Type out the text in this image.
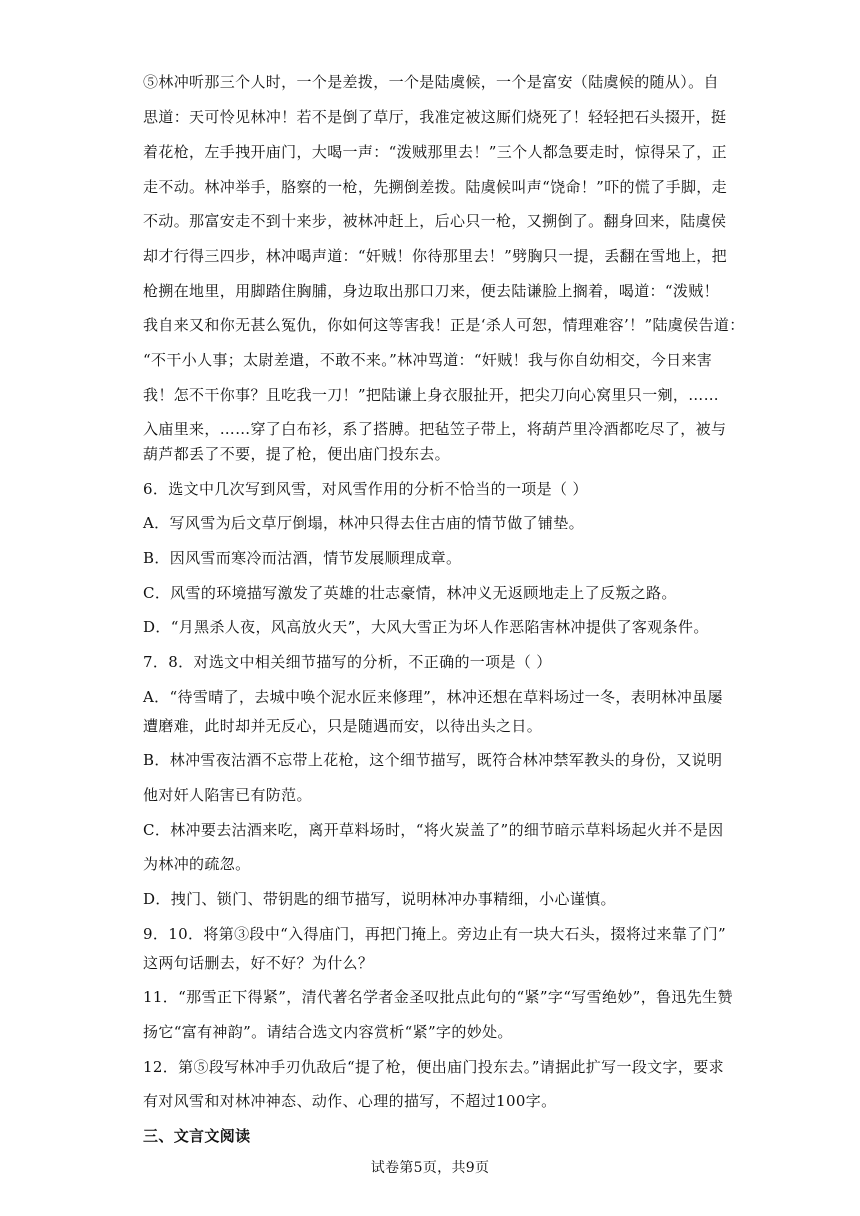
⑤林冲听那三个人时，一个是差拨，一个是陆虞候，一个是富安（陆虞候的随从）。自
思道：天可怜见林冲！若不是倒了草厅，我准定被这厮们烧死了！轻轻把石头掇开，挺
着花枪，左手拽开庙门，大喝一声：“泼贼那里去！”三个人都急要走时，惊得呆了，正
走不动。林冲举手，胳察的一枪，先搠倒差拨。陆虞候叫声“饶命！”吓的慌了手脚，走
不动。那富安走不到十来步，被林冲赶上，后心只一枪，又搠倒了。翻身回来，陆虞侯
却才行得三四步，林冲喝声道：“奸贼！你待那里去！”劈胸只一提，丢翻在雪地上，把
枪搠在地里，用脚踏住胸脯，身边取出那口刀来，便去陆谦脸上搁着，喝道：“泼贼！
我自来又和你无甚么冤仇，你如何这等害我！正是‘杀人可恕，情理难容’！”陆虞侯告道：
“不干小人事；太尉差遣，不敢不来。”林冲骂道：“奸贼！我与你自幼相交，今日来害
我！怎不干你事？且吃我一刀！”把陆谦上身衣服扯开，把尖刀向心窝里只一剜，……
入庙里来，……穿了白布衫，系了搭膊。把毡笠子带上，将葫芦里冷酒都吃尽了，被与
葫芦都丢了不要，提了枪，便出庙门投东去。
6．选文中几次写到风雪，对风雪作用的分析不恰当的一项是（ ）
A．写风雪为后文草厅倒塌，林冲只得去住古庙的情节做了铺垫。
B．因风雪而寒冷而沽酒，情节发展顺理成章。
C．风雪的环境描写激发了英雄的壮志豪情，林冲义无返顾地走上了反叛之路。
D．“月黑杀人夜，风高放火天”，大风大雪正为坏人作恶陷害林冲提供了客观条件。
7．8．对选文中相关细节描写的分析，不正确的一项是（ ）
A．“待雪晴了，去城中唤个泥水匠来修理”，林冲还想在草料场过一冬，表明林冲虽屡
遭磨难，此时却并无反心，只是随遇而安，以待出头之日。
B．林冲雪夜沽酒不忘带上花枪，这个细节描写，既符合林冲禁军教头的身份，又说明
他对奸人陷害已有防范。
C．林冲要去沽酒来吃，离开草料场时，“将火炭盖了”的细节暗示草料场起火并不是因
为林冲的疏忽。
D．拽门、锁门、带钥匙的细节描写，说明林冲办事精细，小心谨慎。
9．10．将第③段中“入得庙门，再把门掩上。旁边止有一块大石头，掇将过来靠了门”
这两句话删去，好不好？为什么？
11．“那雪正下得紧”，清代著名学者金圣叹批点此句的“紧”字“写雪绝妙”，鲁迅先生赞
扬它“富有神韵”。请结合选文内容赏析“紧”字的妙处。
12．第⑤段写林冲手刃仇敌后“提了枪，便出庙门投东去。”请据此扩写一段文字，要求
有对风雪和对林冲神态、动作、心理的描写，不超过100字。
三、文言文阅读
试卷第5页，共9页
